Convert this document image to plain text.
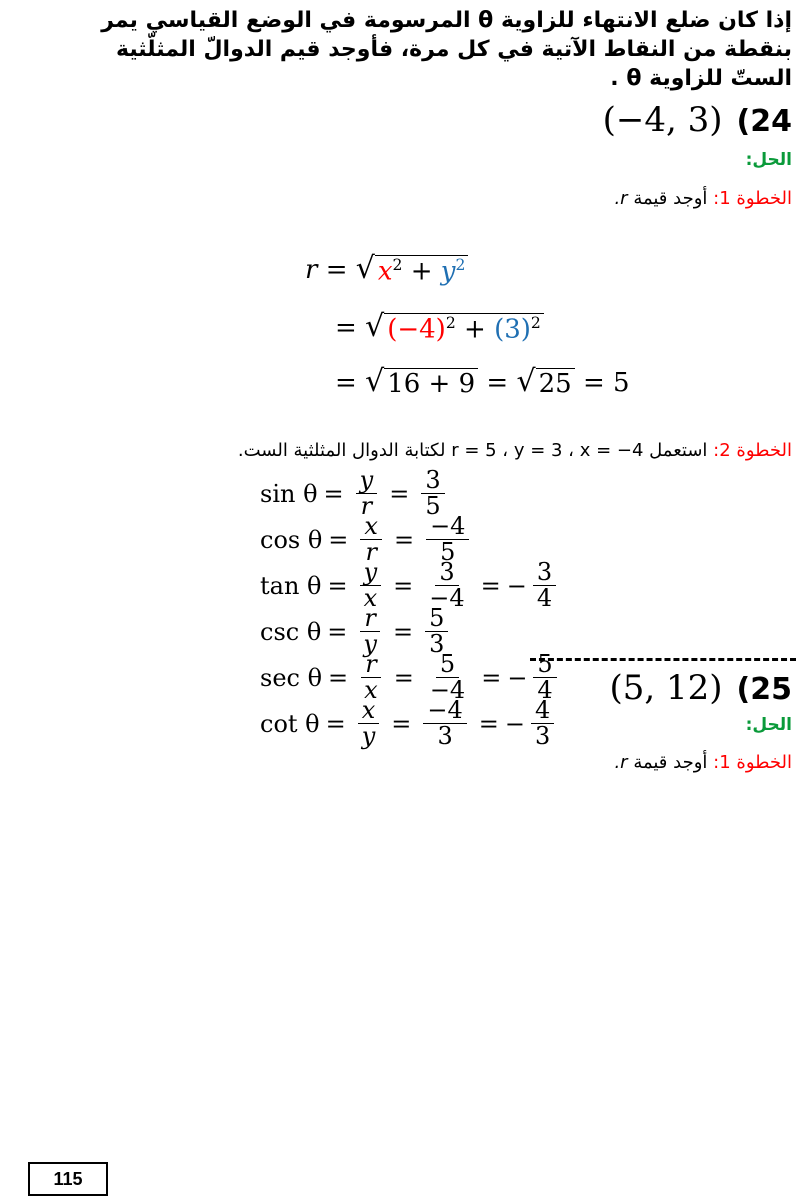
إذا كان ضلع الانتهاء للزاوية θ المرسومة في الوضع القياسي يمر
بنقطة من النقاط الآتية في كل مرة، فأوجد قيم الدوالّ المثلّثية
الستّ للزاوية θ .
(−4, 3) (24
الحل:
الخطوة 1: أوجد قيمة r.
r = √ $x^2 + y^2$
= √ $(-4)^2 + (3)^2$
= √ 16 + 9 = √ 25 = 5
الخطوة 2: استعمل r = 5 ، y = 3 ، x = −4 لكتابة الدوال المثلثية الست.
$\sin \theta = \frac{y}{r} = \frac{3}{5}$
$\cos \theta = \frac{x}{r} = \frac{-4}{5}$
$\tan \theta = \frac{y}{x} = \frac{3}{-4}$ = − $\frac{3}{4}$
$\csc \theta = \frac{r}{y} = \frac{5}{3}$
$\sec \theta = \frac{r}{x} = \frac{5}{-4}$ = − $\frac{5}{4}$
$\cot \theta = \frac{x}{y} = \frac{-4}{3}$ = − $\frac{4}{3}$
(5, 12) (25
الحل:
الخطوة 1: أوجد قيمة r.
115
